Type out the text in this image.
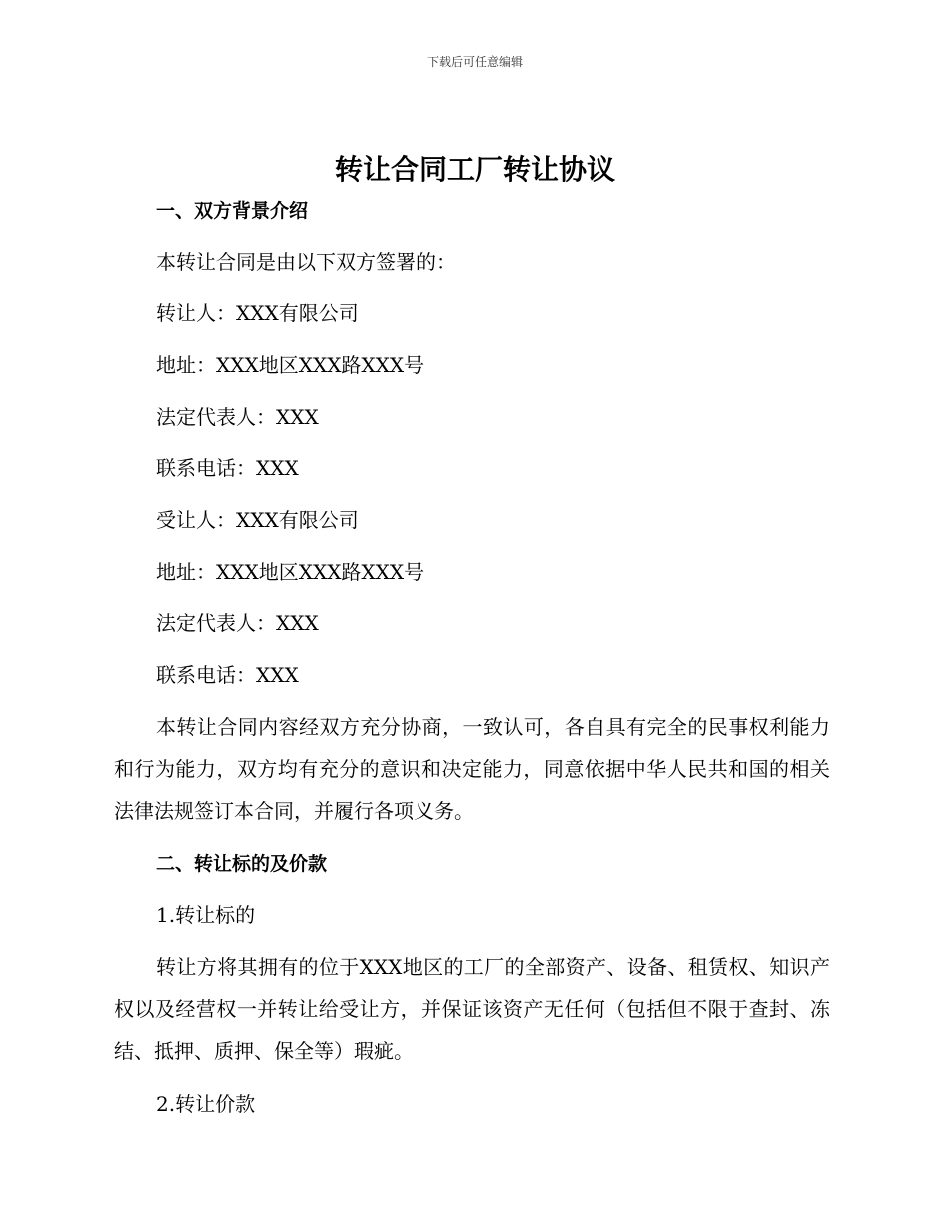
下载后可任意编辑
转让合同工厂转让协议

一、双方背景介绍

本转让合同是由以下双方签署的：

转让人：XXX有限公司

地址：XXX地区XXX路XXX号

法定代表人：XXX

联系电话：XXX

受让人：XXX有限公司

地址：XXX地区XXX路XXX号

法定代表人：XXX

联系电话：XXX

本转让合同内容经双方充分协商，一致认可，各自具有完全的民事权利能力和行为能力，双方均有充分的意识和决定能力，同意依据中华人民共和国的相关法律法规签订本合同，并履行各项义务。

二、转让标的及价款

1.转让标的

转让方将其拥有的位于XXX地区的工厂的全部资产、设备、租赁权、知识产权以及经营权一并转让给受让方，并保证该资产无任何（包括但不限于查封、冻结、抵押、质押、保全等）瑕疵。

2.转让价款
